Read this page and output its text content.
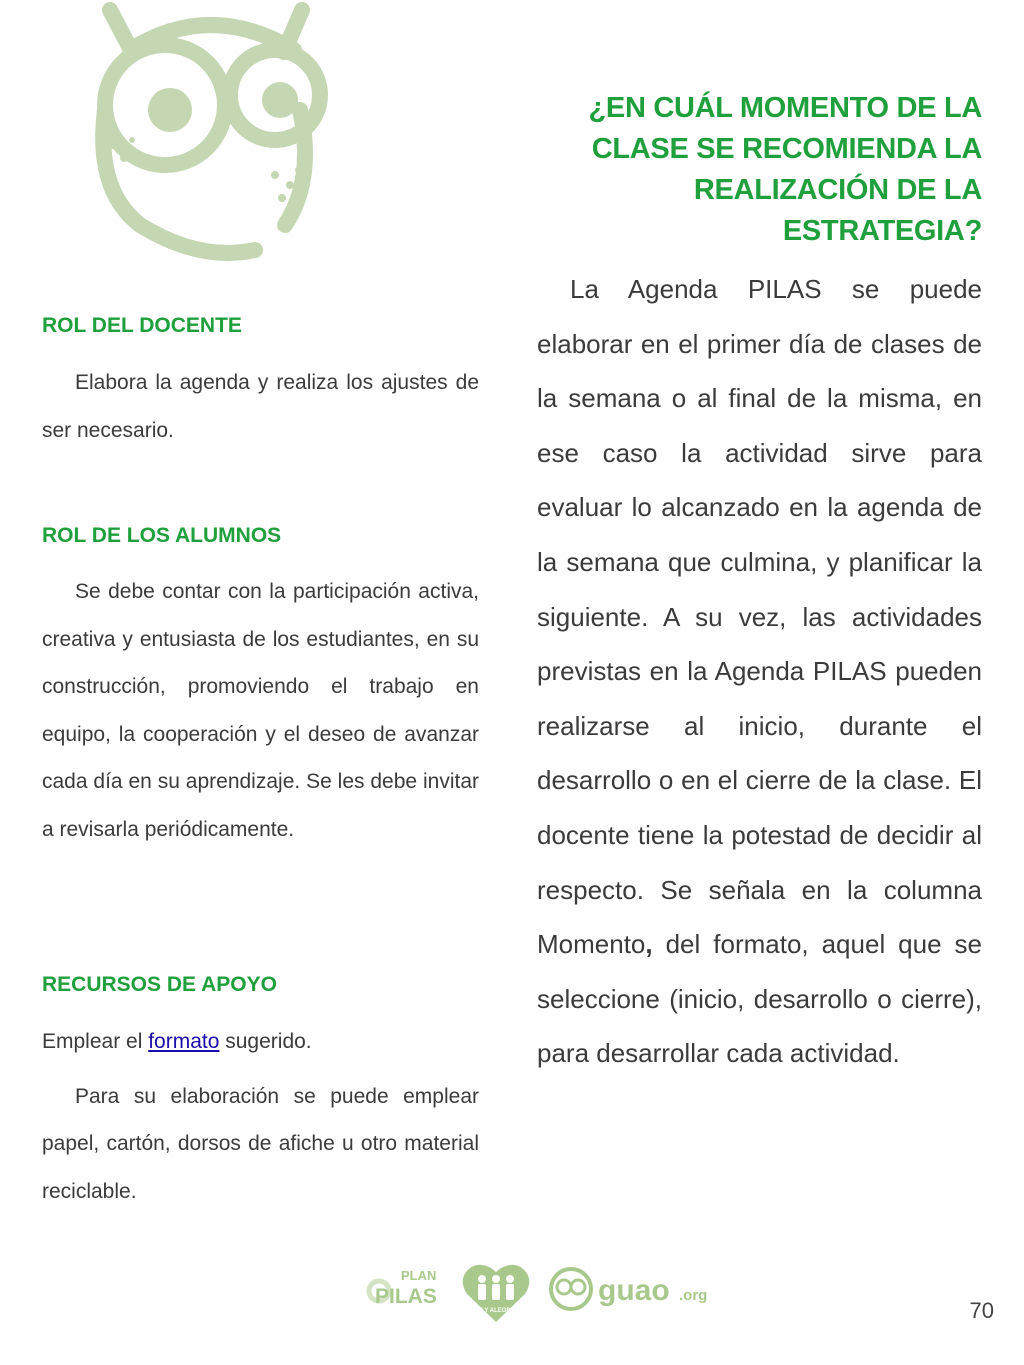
¿EN CUÁL MOMENTO DE LA CLASE SE RECOMIENDA LA REALIZACIÓN DE LA ESTRATEGIA?

La Agenda PILAS se puede elaborar en el primer día de clases de la semana o al final de la misma, en ese caso la actividad sirve para evaluar lo alcanzado en la agenda de la semana que culmina, y planificar la siguiente. A su vez, las actividades previstas en la Agenda PILAS pueden realizarse al inicio, durante el desarrollo o en el cierre de la clase. El docente tiene la potestad de decidir al respecto. Se señala en la columna Momento, del formato, aquel que se seleccione (inicio, desarrollo o cierre), para desarrollar cada actividad.

ROL DEL DOCENTE

Elabora la agenda y realiza los ajustes de ser necesario.

ROL DE LOS ALUMNOS

Se debe contar con la participación activa, creativa y entusiasta de los estudiantes, en su construcción, promoviendo el trabajo en equipo, la cooperación y el deseo de avanzar cada día en su aprendizaje. Se les debe invitar a revisarla periódicamente.

RECURSOS DE APOYO

Emplear el formato sugerido.

Para su elaboración se puede emplear papel, cartón, dorsos de afiche u otro material reciclable.

PLAN
PILAS
FE Y ALEGRIA
guao .org
70
